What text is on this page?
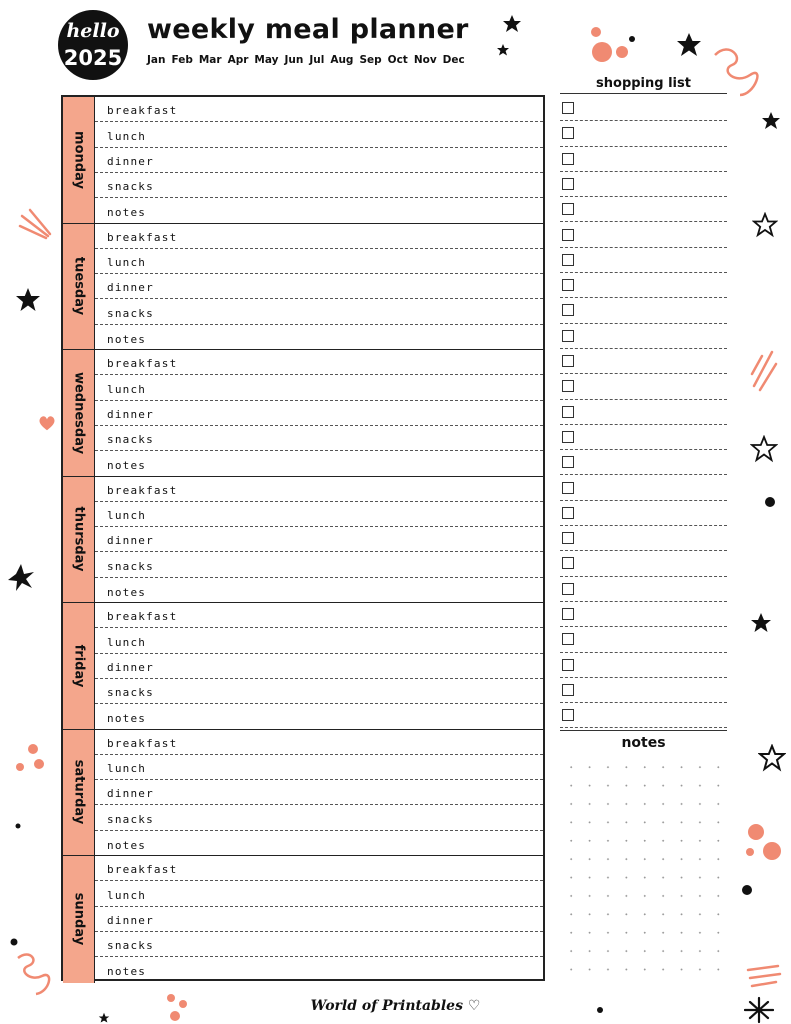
hello
2025
weekly meal planner
Jan Feb Mar Apr May Jun Jul Aug Sep Oct Nov Dec
monday
breakfast
lunch
dinner
snacks
notes
tuesday
breakfast
lunch
dinner
snacks
notes
wednesday
breakfast
lunch
dinner
snacks
notes
thursday
breakfast
lunch
dinner
snacks
notes
friday
breakfast
lunch
dinner
snacks
notes
saturday
breakfast
lunch
dinner
snacks
notes
sunday
breakfast
lunch
dinner
snacks
notes
shopping list
notes
World of Printables ♡
